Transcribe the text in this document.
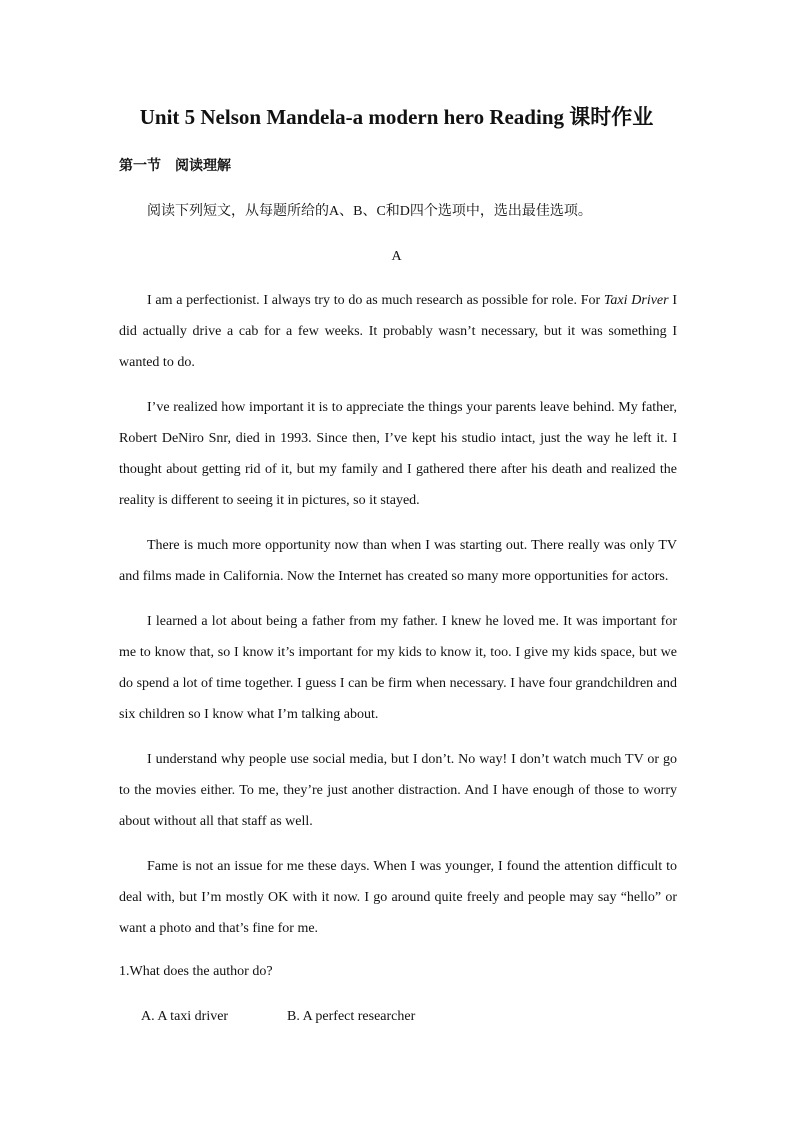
Unit 5 Nelson Mandela-a modern hero Reading 课时作业
第一节　阅读理解
阅读下列短文，从每题所给的A、B、C和D四个选项中，选出最佳选项。
A

I am a perfectionist. I always try to do as much research as possible for role. For Taxi Driver I did actually drive a cab for a few weeks. It probably wasn’t necessary, but it was something I wanted to do.

I’ve realized how important it is to appreciate the things your parents leave behind. My father, Robert DeNiro Snr, died in 1993. Since then, I’ve kept his studio intact, just the way he left it. I thought about getting rid of it, but my family and I gathered there after his death and realized the reality is different to seeing it in pictures, so it stayed.

There is much more opportunity now than when I was starting out. There really was only TV and films made in California. Now the Internet has created so many more opportunities for actors.

I learned a lot about being a father from my father. I knew he loved me. It was important for me to know that, so I know it’s important for my kids to know it, too. I give my kids space, but we do spend a lot of time together. I guess I can be firm when necessary. I have four grandchildren and six children so I know what I’m talking about.

I understand why people use social media, but I don’t. No way! I don’t watch much TV or go to the movies either. To me, they’re just another distraction. And I have enough of those to worry about without all that staff as well.

Fame is not an issue for me these days. When I was younger, I found the attention difficult to deal with, but I’m mostly OK with it now. I go around quite freely and people may say “hello” or want a photo and that’s fine for me.

1.What does the author do?
A. A taxi driver	B. A perfect researcher
